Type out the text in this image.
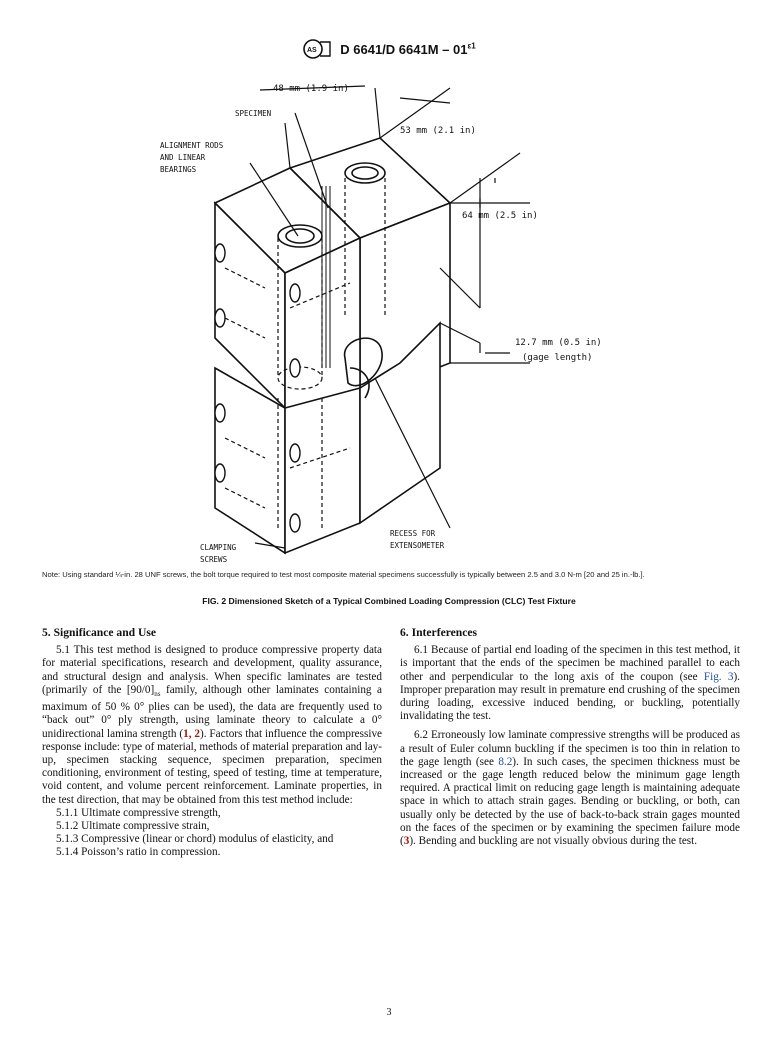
AS D 6641/D $6641M - 01^{\varepsilon 1}$
48 mm (1.9 in)
SPECIMEN
53 mm (2.1 in)
ALIGNMENT RODS
AND LINEAR
BEARINGS
64 mm (2.5 in)
12.7 mm (0.5 in)
(gage length)
CLAMPING
SCREWS
RECESS FOR
EXTENSOMETER
Note: Using standard ¼-in. 28 UNF screws, the bolt torque required to test most composite material specimens successfully is typically between 2.5 and 3.0 N-m [20 and 25 in.-lb.].
FIG. 2 Dimensioned Sketch of a Typical Combined Loading Compression (CLC) Test Fixture
5. Significance and Use

5.1 This test method is designed to produce compressive property data for material specifications, research and development, quality assurance, and structural design and analysis. When specific laminates are tested (primarily of the $[90/0]_{ns}$ family, although other laminates containing a maximum of 50 % 0° plies can be used), the data are frequently used to “back out” 0° ply strength, using laminate theory to calculate a 0° unidirectional lamina strength (1, 2). Factors that influence the compressive response include: type of material, methods of material preparation and lay-up, specimen stacking sequence, specimen preparation, specimen conditioning, environment of testing, speed of testing, time at temperature, void content, and volume percent reinforcement. Laminate properties, in the test direction, that may be obtained from this test method include:

5.1.1 Ultimate compressive strength,

5.1.2 Ultimate compressive strain,

5.1.3 Compressive (linear or chord) modulus of elasticity, and

5.1.4 Poisson’s ratio in compression.

6. Interferences

6.1 Because of partial end loading of the specimen in this test method, it is important that the ends of the specimen be machined parallel to each other and perpendicular to the long axis of the coupon (see Fig. 3). Improper preparation may result in premature end crushing of the specimen during loading, excessive induced bending, or buckling, potentially invalidating the test.

6.2 Erroneously low laminate compressive strengths will be produced as a result of Euler column buckling if the specimen is too thin in relation to the gage length (see 8.2). In such cases, the specimen thickness must be increased or the gage length reduced below the minimum gage length required. A practical limit on reducing gage length is maintaining adequate space in which to attach strain gages. Bending or buckling, or both, can usually only be detected by the use of back-to-back strain gages mounted on the faces of the specimen or by examining the specimen failure mode (3). Bending and buckling are not visually obvious during the test.

3
